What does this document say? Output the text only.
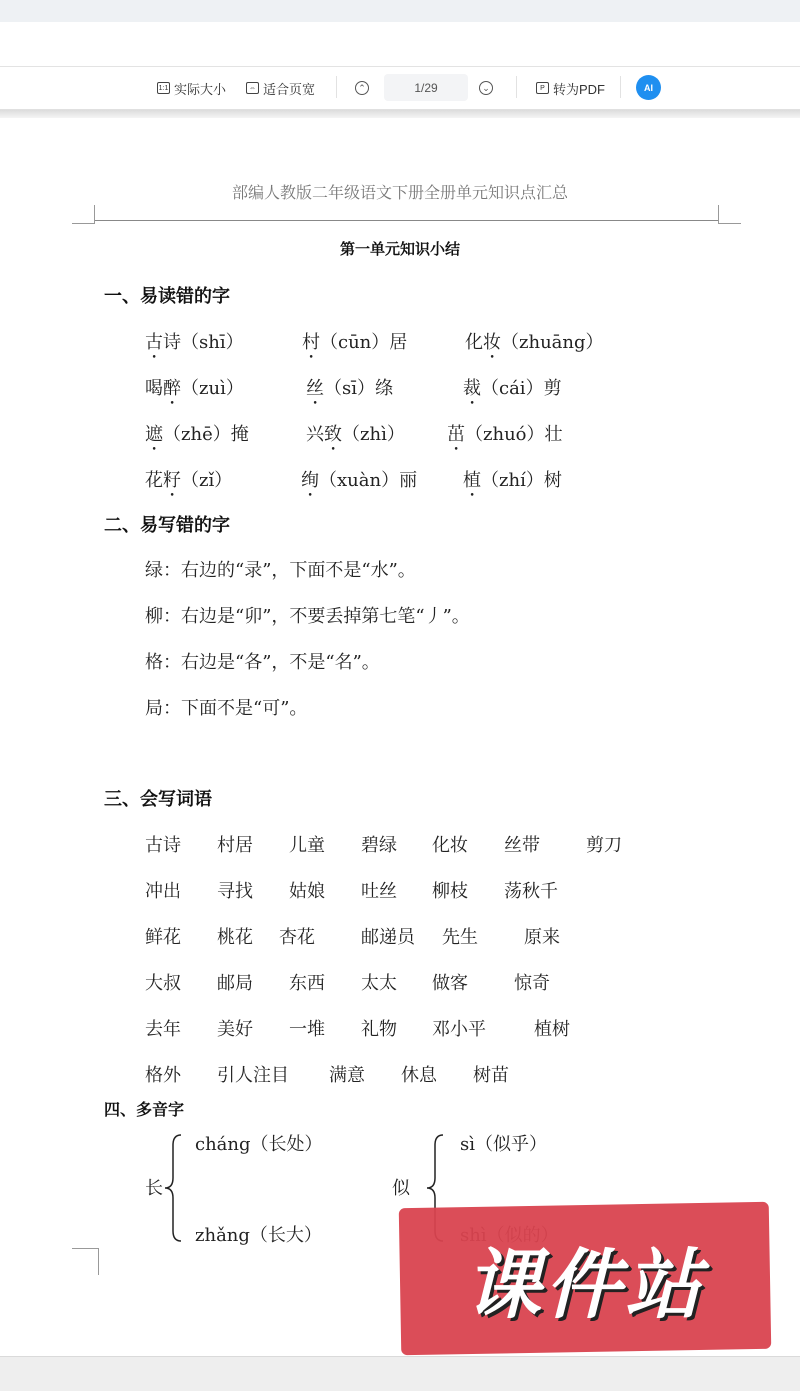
1:1 实际大小	⇔ 适合页宽	⌃	⌄	P 转为PDF
1/29	AI
部编人教版二年级语文下册全册单元知识点汇总
第一单元知识小结
一、易读错的字
古诗（shī）	村（cūn）居	化妆（zhuāng）
喝醉（zuì）	丝（sī）绦	裁（cái）剪
遮（zhē）掩	兴致（zhì） 茁（zhuó）壮
花籽（zǐ）	绚（xuàn）丽	植（zhí）树
二、易写错的字
绿：右边的“录”，下面不是“水”。
柳：右边是“卯”，不要丢掉第七笔“丿”。
格：右边是“各”，不是“名”。
局：下面不是“可”。
三、会写词语
古诗 村居 儿童 碧绿 化妆 丝带	剪刀
冲出 寻找 姑娘 吐丝 柳枝 荡秋千
鲜花 桃花 杏花	邮递员 先生	原来
大叔 邮局 东西 太太 做客	惊奇
去年 美好 一堆 礼物 邓小平	植树
格外 引人注目 满意 休息 树苗
四、多音字
长
cháng（长处）
zhǎng（长大）
似
sì（似乎）
课件站
